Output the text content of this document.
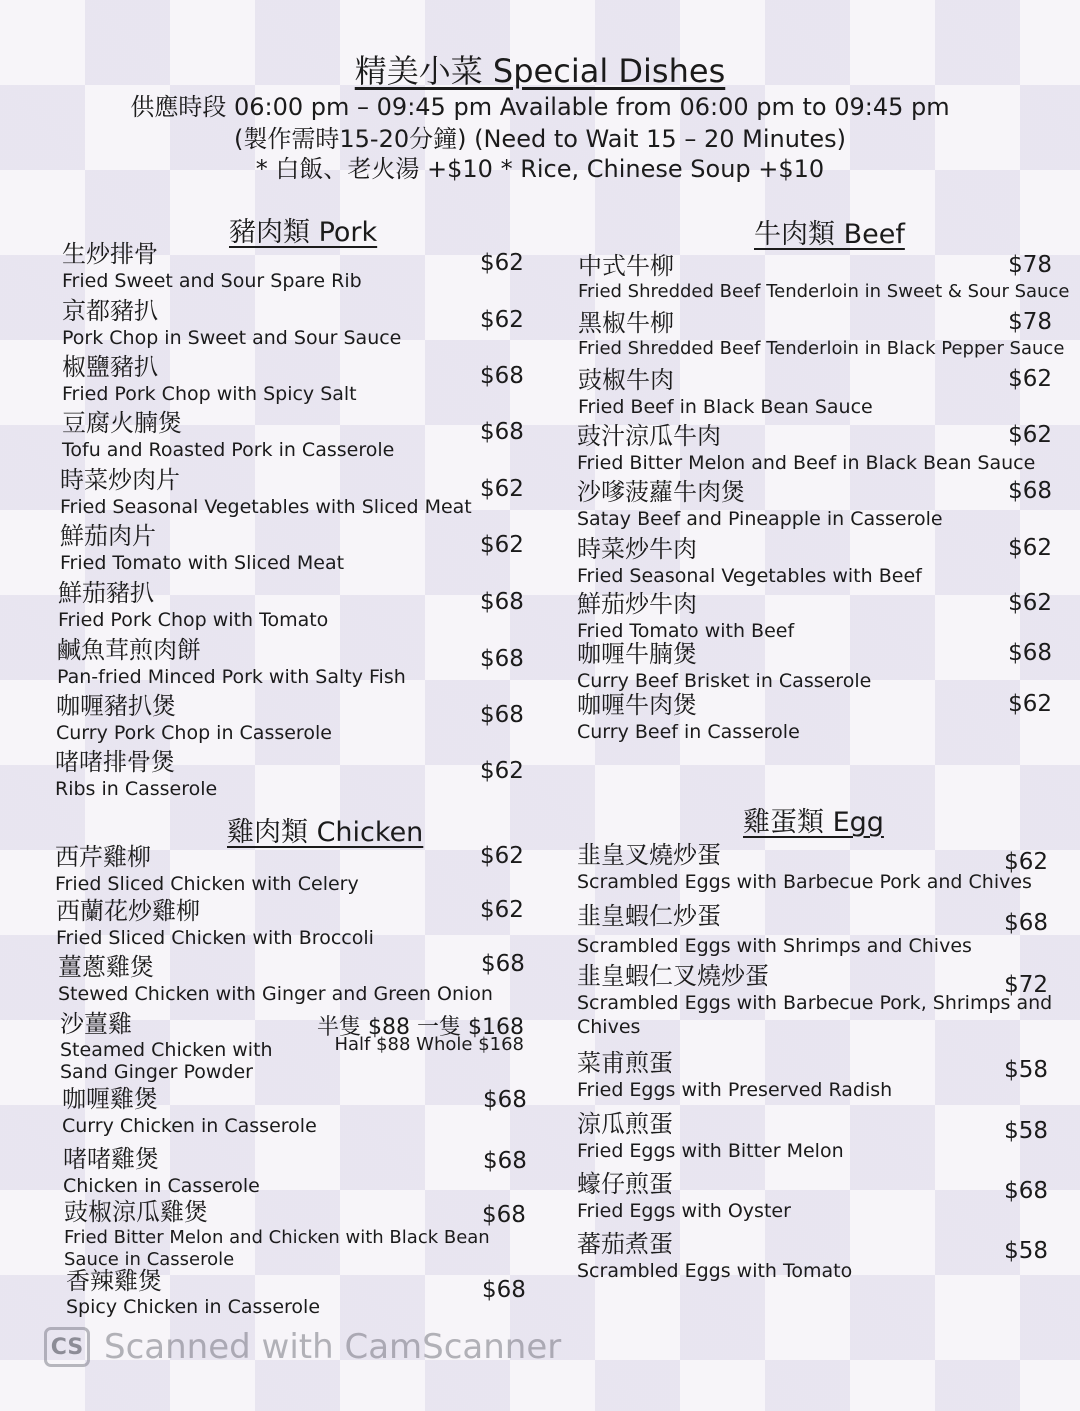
精美小菜 Special Dishes
供應時段 06:00 pm – 09:45 pm Available from 06:00 pm to 09:45 pm
(製作需時15-20分鐘) (Need to Wait 15 – 20 Minutes)
* 白飯、老火湯 +$10 * Rice, Chinese Soup +$10
豬肉類 Pork
生炒排骨
Fried Sweet and Sour Spare Rib
$62
京都豬扒
Pork Chop in Sweet and Sour Sauce
$62
椒鹽豬扒
Fried Pork Chop with Spicy Salt
$68
豆腐火腩煲
Tofu and Roasted Pork in Casserole
$68
時菜炒肉片
Fried Seasonal Vegetables with Sliced Meat
$62
鮮茄肉片
Fried Tomato with Sliced Meat
$62
鮮茄豬扒
Fried Pork Chop with Tomato
$68
鹹魚茸煎肉餅
Pan-fried Minced Pork with Salty Fish
$68
咖喱豬扒煲
Curry Pork Chop in Casserole
$68
啫啫排骨煲
Ribs in Casserole
$62
雞肉類 Chicken
西芹雞柳
Fried Sliced Chicken with Celery
$62
西蘭花炒雞柳
Fried Sliced Chicken with Broccoli
$62
薑蔥雞煲
Stewed Chicken with Ginger and Green Onion
$68
沙薑雞
Steamed Chicken with
Sand Ginger Powder
半隻 $88 一隻 $168
Half $88 Whole $168
咖喱雞煲
Curry Chicken in Casserole
$68
啫啫雞煲
Chicken in Casserole
$68
豉椒涼瓜雞煲
Fried Bitter Melon and Chicken with Black Bean
Sauce in Casserole
$68
香辣雞煲
Spicy Chicken in Casserole
$68
牛肉類 Beef
中式牛柳
Fried Shredded Beef Tenderloin in Sweet & Sour Sauce
$78
黑椒牛柳
Fried Shredded Beef Tenderloin in Black Pepper Sauce
$78
豉椒牛肉
Fried Beef in Black Bean Sauce
$62
豉汁涼瓜牛肉
Fried Bitter Melon and Beef in Black Bean Sauce
$62
沙嗲菠蘿牛肉煲
Satay Beef and Pineapple in Casserole
$68
時菜炒牛肉
Fried Seasonal Vegetables with Beef
$62
鮮茄炒牛肉
Fried Tomato with Beef
$62
咖喱牛腩煲
Curry Beef Brisket in Casserole
$68
咖喱牛肉煲
Curry Beef in Casserole
$62
雞蛋類 Egg
韭皇叉燒炒蛋
Scrambled Eggs with Barbecue Pork and Chives
$62
韭皇蝦仁炒蛋
Scrambled Eggs with Shrimps and Chives
$68
韭皇蝦仁叉燒炒蛋
Scrambled Eggs with Barbecue Pork, Shrimps and
Chives
$72
菜甫煎蛋
Fried Eggs with Preserved Radish
$58
涼瓜煎蛋
Fried Eggs with Bitter Melon
$58
蠔仔煎蛋
Fried Eggs with Oyster
$68
蕃茄煮蛋
Scrambled Eggs with Tomato
$58
CS Scanned with CamScanner
